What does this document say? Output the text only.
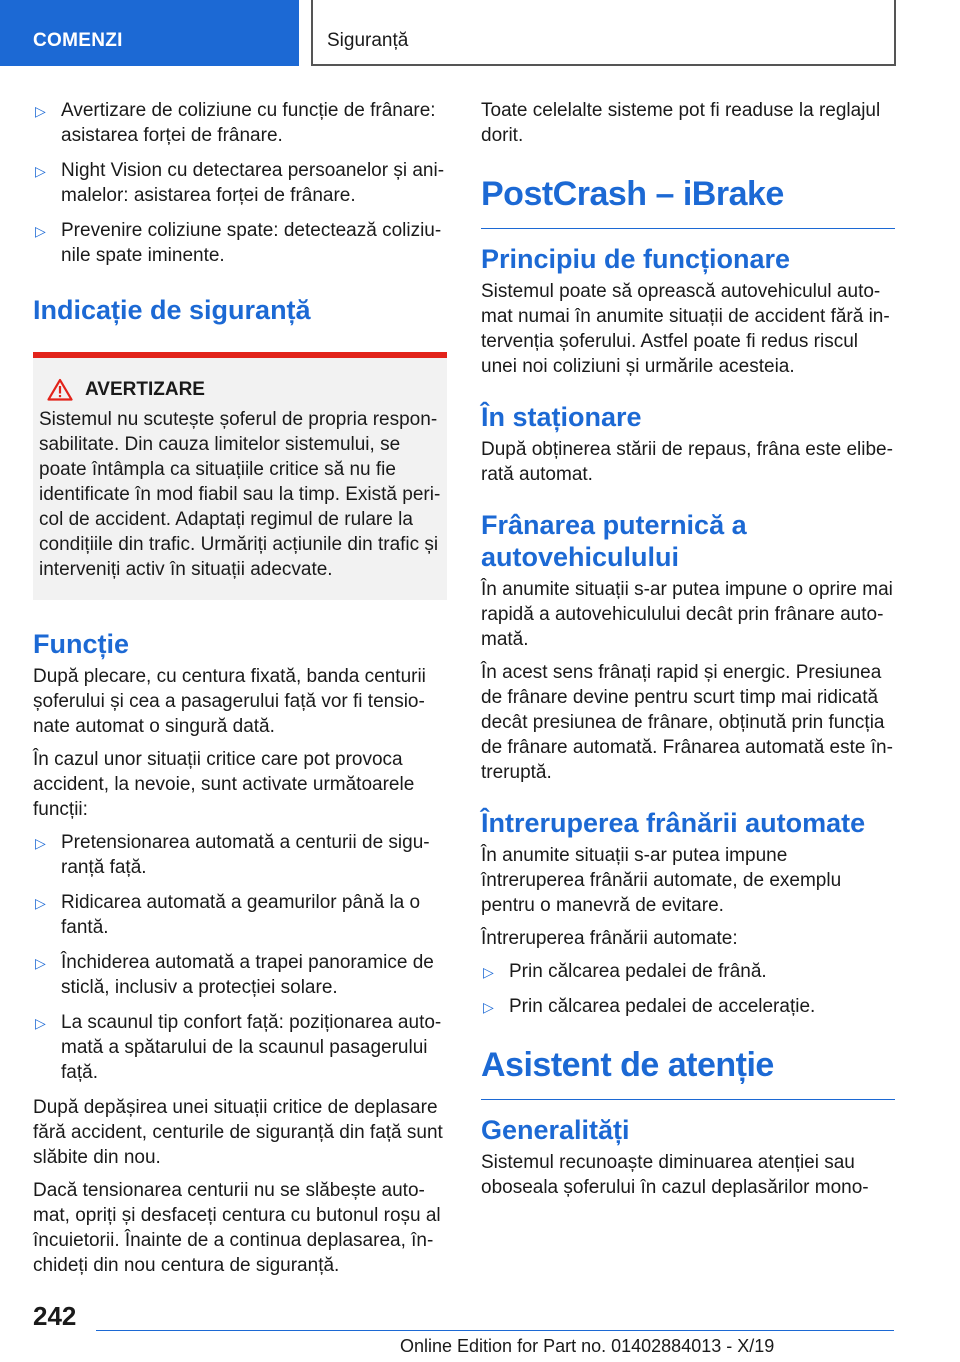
COMENZI	Siguranță
▷ Avertizare de coliziune cu funcție de frânare: asistarea forței de frânare.
▷ Night Vision cu detectarea persoanelor și animalelor: asistarea forței de frânare.
▷ Prevenire coliziune spate: detectează coliziunile spate iminente.
Indicație de siguranță
AVERTIZARE
Sistemul nu scutește șoferul de propria responsabilitate. Din cauza limitelor sistemului, se poate întâmpla ca situațiile critice să nu fie identificate în mod fiabil sau la timp. Există pericol de accident. Adaptați regimul de rulare la condițiile din trafic. Urmăriți acțiunile din trafic și interveniți activ în situații adecvate.
Funcție

După plecare, cu centura fixată, banda centurii șoferului și cea a pasagerului față vor fi tensionate automat o singură dată.

În cazul unor situații critice care pot provoca accident, la nevoie, sunt activate următoarele funcții:

▷ Pretensionarea automată a centurii de siguranță față.
▷ Ridicarea automată a geamurilor până la o fantă.
▷ Închiderea automată a trapei panoramice de sticlă, inclusiv a protecției solare.
▷ La scaunul tip confort față: poziționarea automată a spătarului de la scaunul pasagerului față.

După depășirea unei situații critice de deplasare fără accident, centurile de siguranță din față sunt slăbite din nou.

Dacă tensionarea centurii nu se slăbește automat, opriți și desfaceți centura cu butonul roșu al încuietorii. Înainte de a continua deplasarea, închideți din nou centura de siguranță.

Toate celelalte sisteme pot fi readuse la reglajul dorit.

PostCrash – iBrake
Principiu de funcționare

Sistemul poate să oprească autovehiculul automat numai în anumite situații de accident fără intervenția șoferului. Astfel poate fi redus riscul unei noi coliziuni și urmările acesteia.

În staționare

După obținerea stării de repaus, frâna este eliberată automat.

Frânarea puternică a autovehiculului

În anumite situații s-ar putea impune o oprire mai rapidă a autovehiculului decât prin frânare automată.

În acest sens frânați rapid și energic. Presiunea de frânare devine pentru scurt timp mai ridicată decât presiunea de frânare, obținută prin funcția de frânare automată. Frânarea automată este întreruptă.

Întreruperea frânării automate

În anumite situații s-ar putea impune întreruperea frânării automate, de exemplu pentru o manevră de evitare.

Întreruperea frânării automate:

▷ Prin călcarea pedalei de frână.
▷ Prin călcarea pedalei de accelerație.
Asistent de atenție
Generalități

Sistemul recunoaște diminuarea atenției sau oboseala șoferului în cazul deplasărilor mono-

242
Online Edition for Part no. 01402884013 - X/19
